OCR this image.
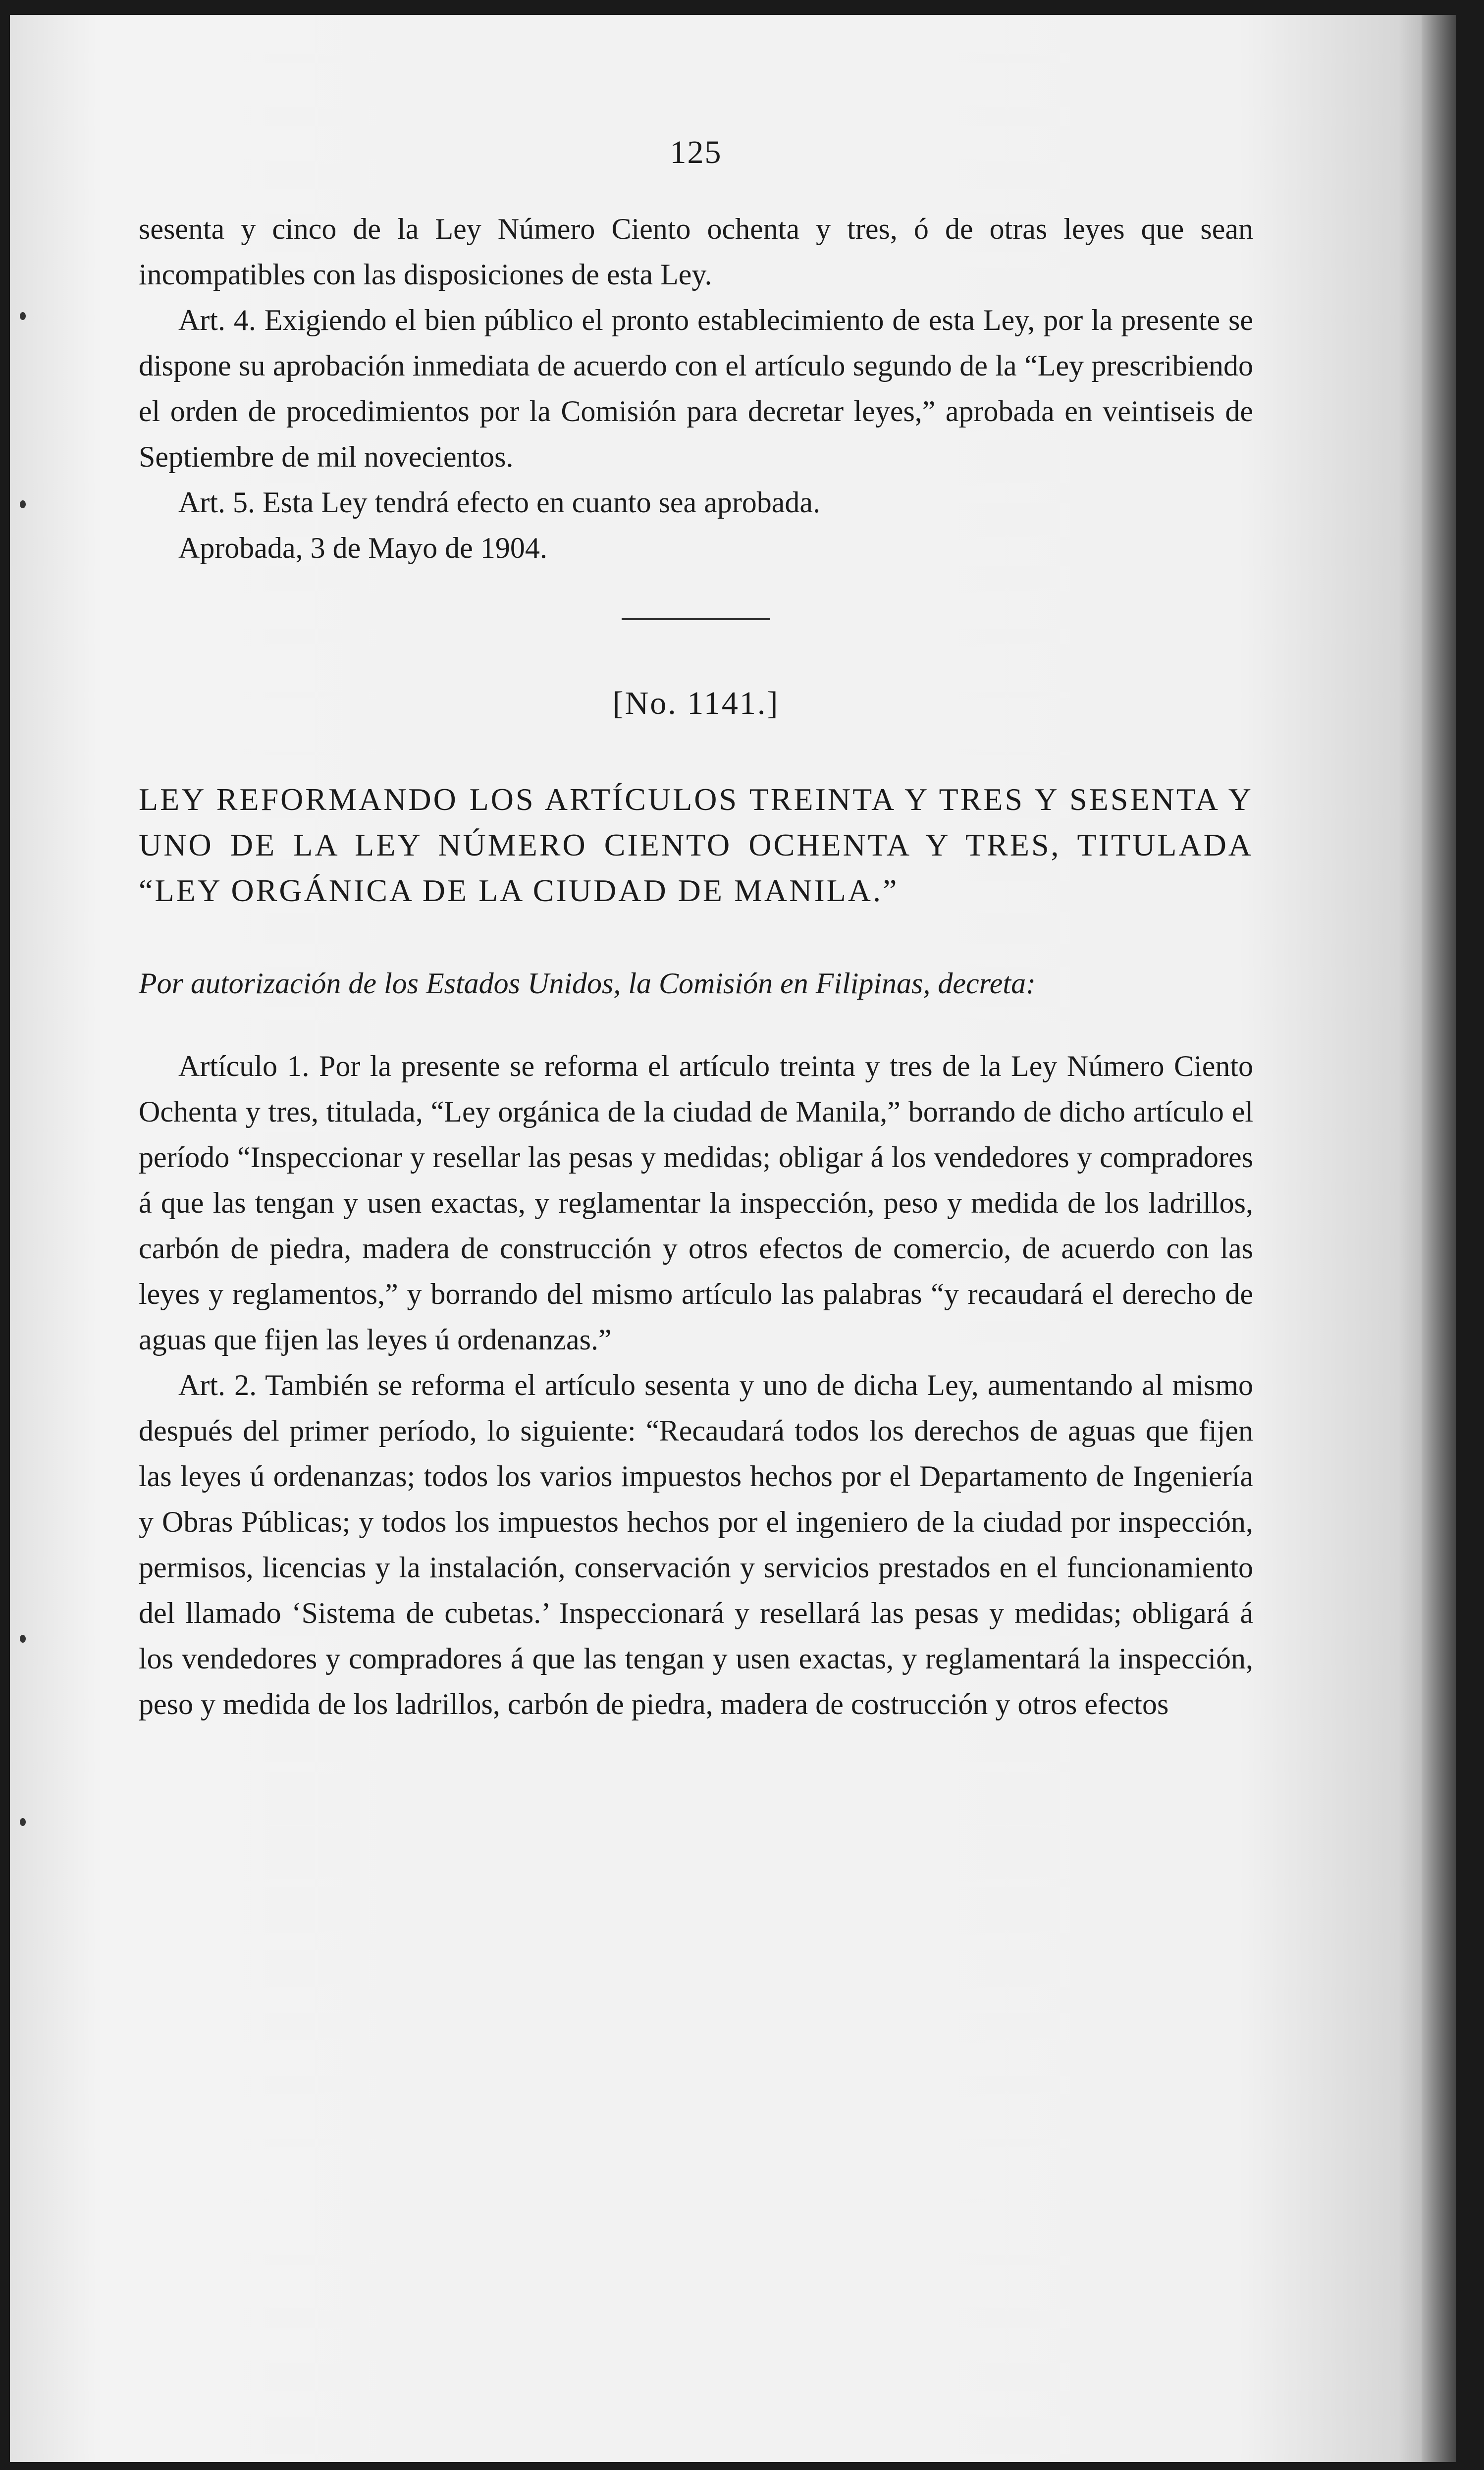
125

sesenta y cinco de la Ley Número Ciento ochenta y tres, ó de otras leyes que sean incompatibles con las disposiciones de esta Ley.

Art. 4. Exigiendo el bien público el pronto establecimiento de esta Ley, por la presente se dispone su aprobación inmediata de acuerdo con el artículo segundo de la “Ley prescribiendo el orden de procedimientos por la Comisión para decretar leyes,” aprobada en veintiseis de Septiembre de mil novecientos.

Art. 5. Esta Ley tendrá efecto en cuanto sea aprobada.

Aprobada, 3 de Mayo de 1904.

[No. 1141.]
LEY REFORMANDO LOS ARTÍCULOS TREINTA Y TRES Y SESENTA Y UNO DE LA LEY NÚMERO CIENTO OCHENTA Y TRES, TITULADA “LEY ORGÁNICA DE LA CIUDAD DE MANILA.”
Por autorización de los Estados Unidos, la Comisión en Filipinas, decreta:

Artículo 1. Por la presente se reforma el artículo treinta y tres de la Ley Número Ciento Ochenta y tres, titulada, “Ley orgánica de la ciudad de Manila,” borrando de dicho artículo el período “Inspeccionar y resellar las pesas y medidas; obligar á los vendedores y compradores á que las tengan y usen exactas, y reglamentar la inspección, peso y medida de los ladrillos, carbón de piedra, madera de construcción y otros efectos de comercio, de acuerdo con las leyes y reglamentos,” y borrando del mismo artículo las palabras “y recaudará el derecho de aguas que fijen las leyes ú ordenanzas.”

Art. 2. También se reforma el artículo sesenta y uno de dicha Ley, aumentando al mismo después del primer período, lo siguiente: “Recaudará todos los derechos de aguas que fijen las leyes ú ordenanzas; todos los varios impuestos hechos por el Departamento de Ingeniería y Obras Públicas; y todos los impuestos hechos por el ingeniero de la ciudad por inspección, permisos, licencias y la instalación, conservación y servicios prestados en el funcionamiento del llamado ‘Sistema de cubetas.’ Inspeccionará y resellará las pesas y medidas; obligará á los vendedores y compradores á que las tengan y usen exactas, y reglamentará la inspección, peso y medida de los ladrillos, carbón de piedra, madera de costrucción y otros efectos
